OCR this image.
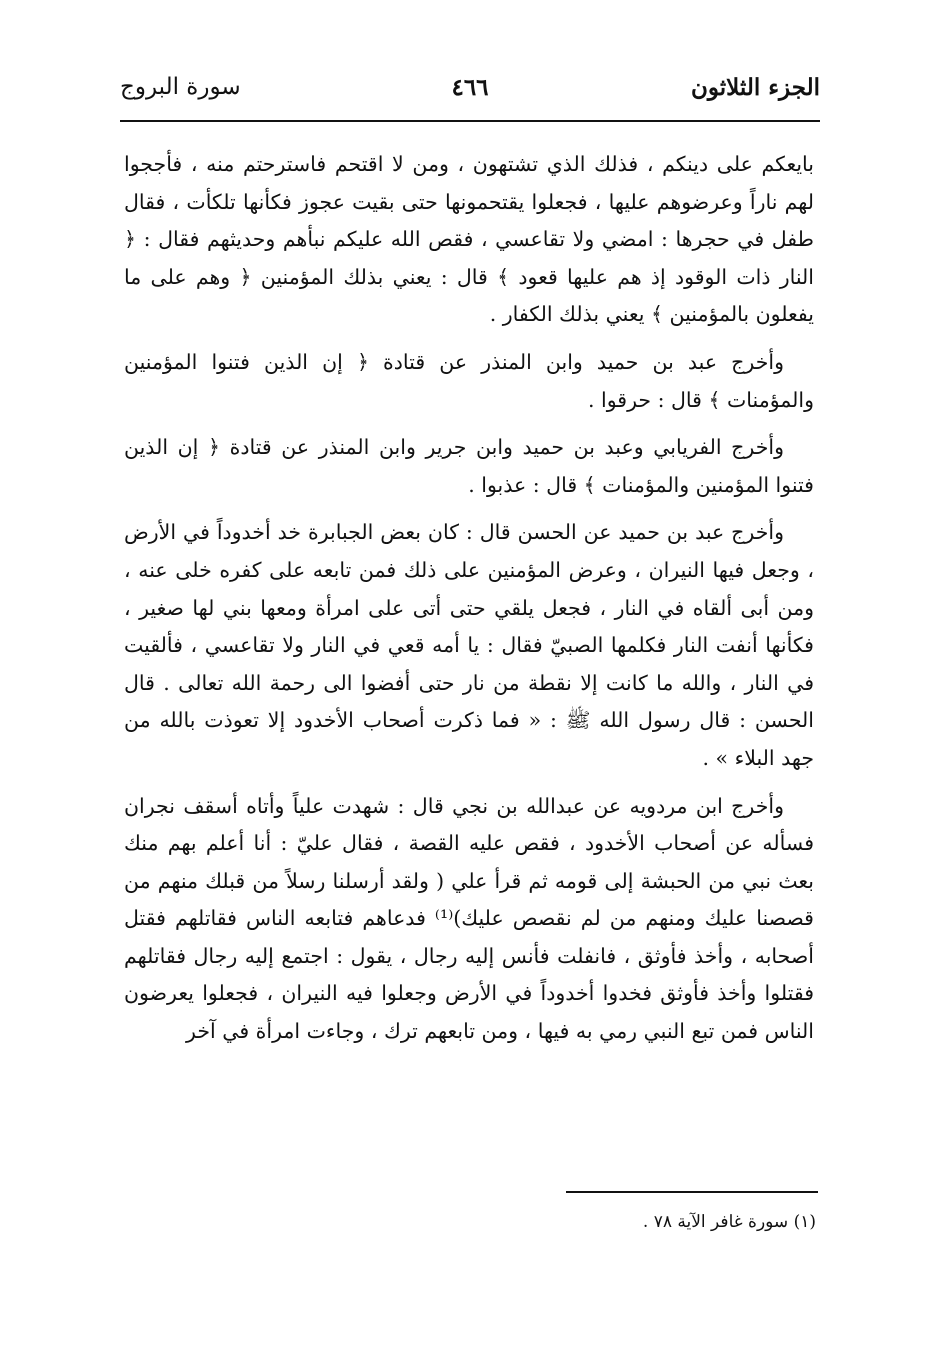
الجزء الثلاثون
٤٦٦
سورة البروج

بايعكم على دينكم ، فذلك الذي تشتهون ، ومن لا اقتحم فاسترحتم منه ، فأججوا لهم ناراً وعرضوهم عليها ، فجعلوا يقتحمونها حتى بقيت عجوز فكأنها تلكأت ، فقال طفل في حجرها : امضي ولا تقاعسي ، فقص الله عليكم نبأهم وحديثهم فقال : ﴿ النار ذات الوقود إذ هم عليها قعود ﴾ قال : يعني بذلك المؤمنين ﴿ وهم على ما يفعلون بالمؤمنين ﴾ يعني بذلك الكفار .

وأخرج عبد بن حميد وابن المنذر عن قتادة ﴿ إن الذين فتنوا المؤمنين والمؤمنات ﴾ قال : حرقوا .

وأخرج الفريابي وعبد بن حميد وابن جرير وابن المنذر عن قتادة ﴿ إن الذين فتنوا المؤمنين والمؤمنات ﴾ قال : عذبوا .

وأخرج عبد بن حميد عن الحسن قال : كان بعض الجبابرة خد أخدوداً في الأرض ، وجعل فيها النيران ، وعرض المؤمنين على ذلك فمن تابعه على كفره خلى عنه ، ومن أبى ألقاه في النار ، فجعل يلقي حتى أتى على امرأة ومعها بني لها صغير ، فكأنها أنفت النار فكلمها الصبيّ فقال : يا أمه قعي في النار ولا تقاعسي ، فألقيت في النار ، والله ما كانت إلا نقطة من نار حتى أفضوا الى رحمة الله تعالى . قال الحسن : قال رسول الله ﷺ : « فما ذكرت أصحاب الأخدود إلا تعوذت بالله من جهد البلاء » .

وأخرج ابن مردويه عن عبدالله بن نجي قال : شهدت علياً وأتاه أسقف نجران فسأله عن أصحاب الأخدود ، فقص عليه القصة ، فقال عليّ : أنا أعلم بهم منك بعث نبي من الحبشة إلى قومه ثم قرأ علي ( ولقد أرسلنا رسلاً من قبلك منهم من قصصنا عليك ومنهم من لم نقصص عليك)⁽¹⁾ فدعاهم فتابعه الناس فقاتلهم فقتل أصحابه ، وأخذ فأوثق ، فانفلت فأنس إليه رجال ، يقول : اجتمع إليه رجال فقاتلهم فقتلوا وأخذ فأوثق فخدوا أخدوداً في الأرض وجعلوا فيه النيران ، فجعلوا يعرضون الناس فمن تبع النبي رمي به فيها ، ومن تابعهم ترك ، وجاءت امرأة في آخر

(١) سورة غافر الآية ٧٨ .
